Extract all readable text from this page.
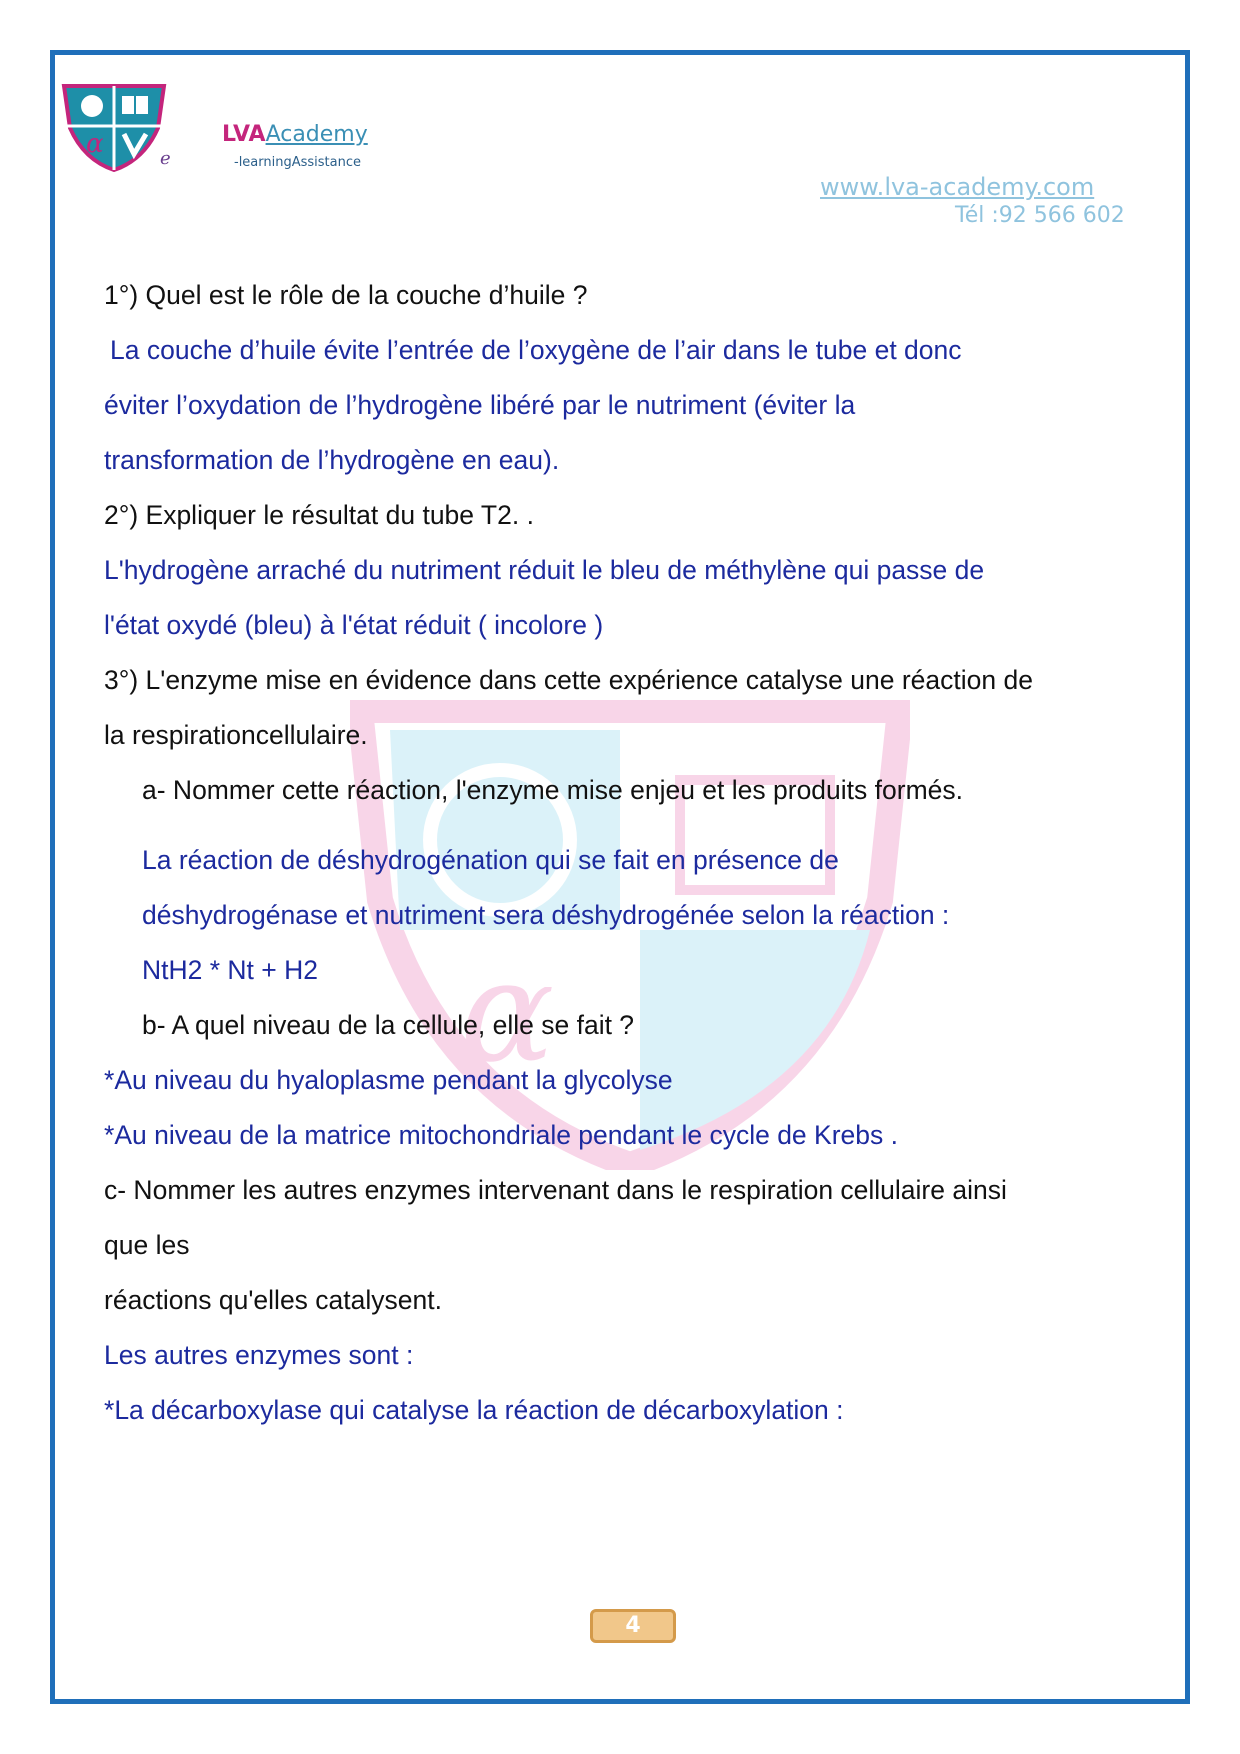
α	e
LVAAcademy
-learningAssistance
www.lva-academy.com
Tél :92 566 602
α
1°) Quel est le rôle de la couche d’huile ?
La couche d’huile évite l’entrée de l’oxygène de l’air dans le tube et donc
éviter l’oxydation de l’hydrogène libéré par le nutriment (éviter la
transformation de l’hydrogène en eau).
2°) Expliquer le résultat du tube T2. .
L'hydrogène arraché du nutriment réduit le bleu de méthylène qui passe de
l'état oxydé (bleu) à l'état réduit ( incolore )
3°) L'enzyme mise en évidence dans cette expérience catalyse une réaction de
la respirationcellulaire.
a- Nommer cette réaction, l'enzyme mise enjeu et les produits formés.
La réaction de déshydrogénation qui se fait en présence de
déshydrogénase et nutriment sera déshydrogénée selon la réaction :
NtH2 * Nt + H2
b- A quel niveau de la cellule, elle se fait ?
*Au niveau du hyaloplasme pendant la glycolyse
*Au niveau de la matrice mitochondriale pendant le cycle de Krebs .
c- Nommer les autres enzymes intervenant dans le respiration cellulaire ainsi
que les
réactions qu'elles catalysent.
Les autres enzymes sont :
*La décarboxylase qui catalyse la réaction de décarboxylation :
4
